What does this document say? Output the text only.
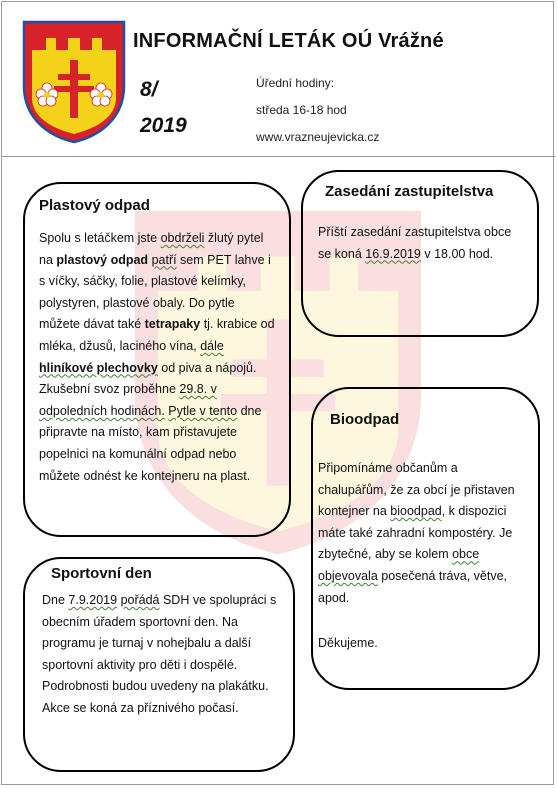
INFORMAČNÍ LETÁK OÚ Vrážné
8/
2019
Úřední hodiny:
středa 16-18 hod
www.vrazneujevicka.cz
Plastový odpad
Spolu s letáčkem jste obdrželi žlutý pytel na plastový odpad patří sem PET lahve i s víčky, sáčky, folie, plastové kelímky, polystyren, plastové obaly. Do pytle můžete dávat také tetrapaky tj. krabice od mléka, džusů, laciného vína, dále hliníkové plechovky od piva a nápojů. Zkušební svoz proběhne 29.8. v odpoledních hodinách. Pytle v tento dne připravte na místo, kam přistavujete popelnici na komunální odpad nebo můžete odnést ke kontejneru na plast.
Zasedání zastupitelstva
Příští zasedání zastupitelstva obce se koná 16.9.2019 v 18.00 hod.
Bioodpad
Připomínáme občanům a chalupářům, že za obcí je přistaven kontejner na bioodpad, k dispozici máte také zahradní kompostéry. Je zbytečné, aby se kolem obce objevovala posečená tráva, větve, apod.
Děkujeme.
Sportovní den
Dne 7.9.2019 pořádá SDH ve spolupráci s obecním úřadem sportovní den. Na programu je turnaj v nohejbalu a další sportovní aktivity pro děti i dospělé. Podrobnosti budou uvedeny na plakátku. Akce se koná za příznivého počasí.
